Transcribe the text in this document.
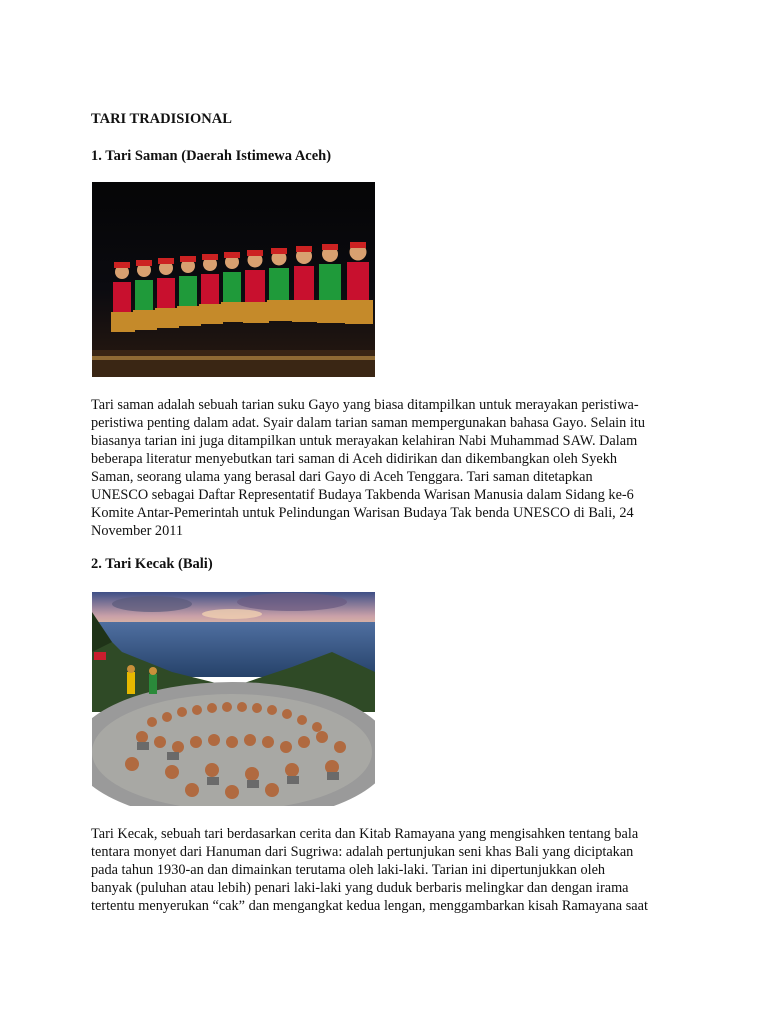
TARI TRADISIONAL
1. Tari Saman (Daerah Istimewa Aceh)
Tari saman adalah sebuah tarian suku Gayo yang biasa ditampilkan untuk merayakan peristiwa-
peristiwa penting dalam adat. Syair dalam tarian saman mempergunakan bahasa Gayo. Selain itu
biasanya tarian ini juga ditampilkan untuk merayakan kelahiran Nabi Muhammad SAW. Dalam
beberapa literatur menyebutkan tari saman di Aceh didirikan dan dikembangkan oleh Syekh
Saman, seorang ulama yang berasal dari Gayo di Aceh Tenggara. Tari saman ditetapkan
UNESCO sebagai Daftar Representatif Budaya Takbenda Warisan Manusia dalam Sidang ke-6
Komite Antar-Pemerintah untuk Pelindungan Warisan Budaya Tak benda UNESCO di Bali, 24
November 2011
2. Tari Kecak (Bali)
Tari Kecak, sebuah tari berdasarkan cerita dan Kitab Ramayana yang mengisahken tentang bala
tentara monyet dari Hanuman dari Sugriwa: adalah pertunjukan seni khas Bali yang diciptakan
pada tahun 1930-an dan dimainkan terutama oleh laki-laki. Tarian ini dipertunjukkan oleh
banyak (puluhan atau lebih) penari laki-laki yang duduk berbaris melingkar dan dengan irama
tertentu menyerukan “cak” dan mengangkat kedua lengan, menggambarkan kisah Ramayana saat
